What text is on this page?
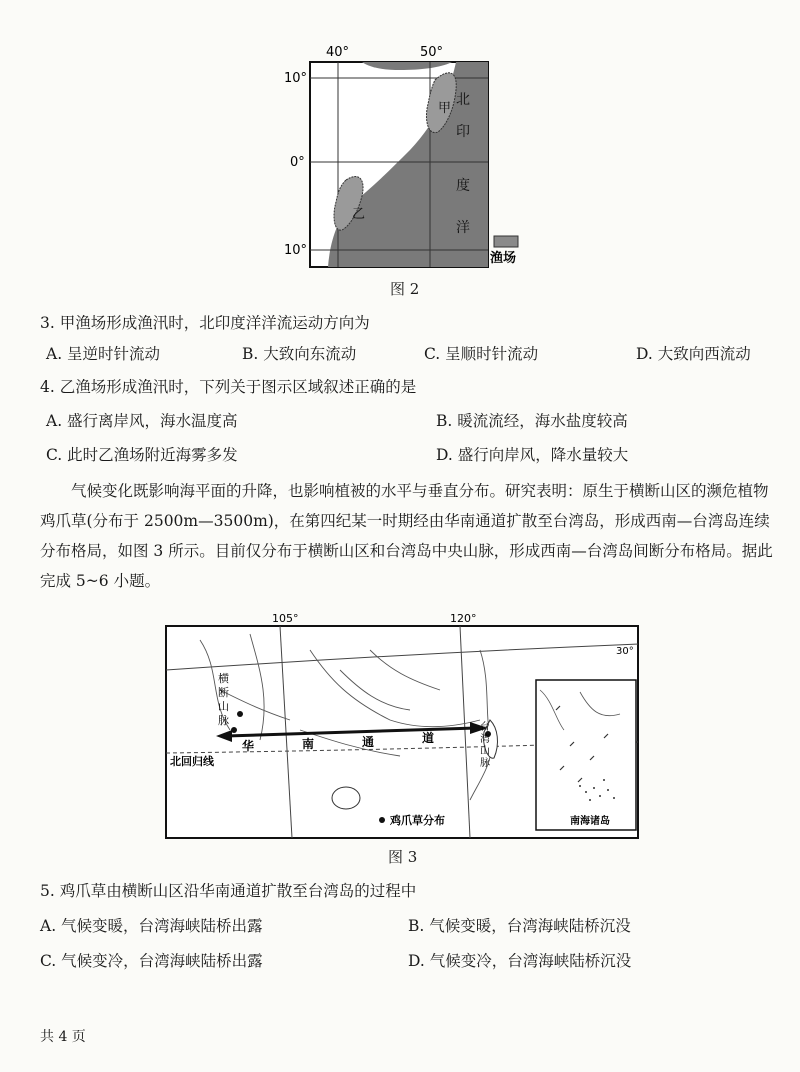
40°	50°
10°
0°
10°
北
印
度
洋
甲
乙
渔场
图 2
3. 甲渔场形成渔汛时，北印度洋洋流运动方向为
A. 呈逆时针流动	B. 大致向东流动	C. 呈顺时针流动	D. 大致向西流动
4. 乙渔场形成渔汛时，下列关于图示区域叙述正确的是
A. 盛行离岸风，海水温度高	B. 暖流流经，海水盐度较高
C. 此时乙渔场附近海雾多发	D. 盛行向岸风，降水量较大
气候变化既影响海平面的升降，也影响植被的水平与垂直分布。研究表明：原生于横断山区的濒危植物鸡爪草(分布于 2500m—3500m)，在第四纪某一时期经由华南通道扩散至台湾岛，形成西南—台湾岛连续分布格局，如图 3 所示。目前仅分布于横断山区和台湾岛中央山脉，形成西南—台湾岛间断分布格局。据此完成 5~6 小题。
横
断
山
脉
华	南	通	道
台
湾
山
脉
105°	120°
30°
北回归线
鸡爪草分布	南海诸岛
图 3
5. 鸡爪草由横断山区沿华南通道扩散至台湾岛的过程中
A. 气候变暖，台湾海峡陆桥出露	B. 气候变暖，台湾海峡陆桥沉没
C. 气候变冷，台湾海峡陆桥出露	D. 气候变冷，台湾海峡陆桥沉没
共 4 页
